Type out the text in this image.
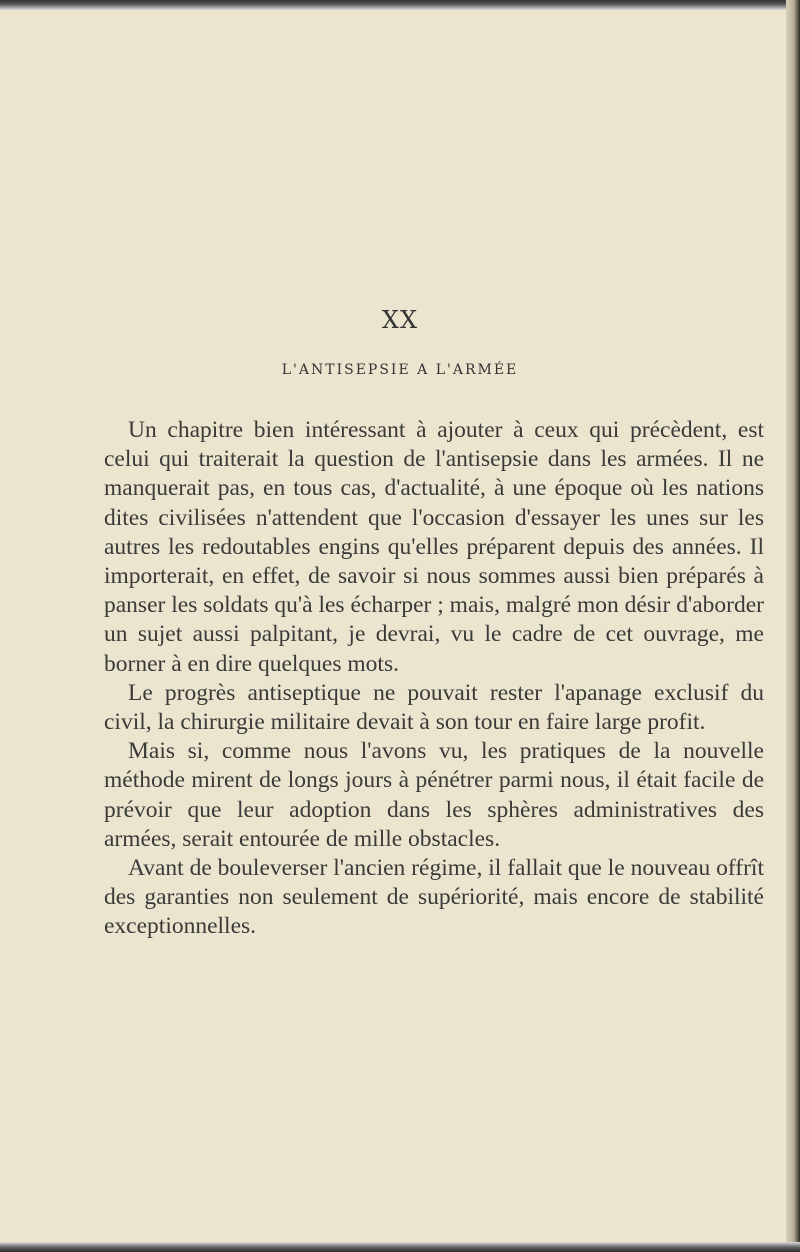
XX
L'ANTISEPSIE A L'ARMÉE

Un chapitre bien intéressant à ajouter à ceux qui précèdent, est celui qui traiterait la question de l'antisepsie dans les armées. Il ne manquerait pas, en tous cas, d'actualité, à une époque où les nations dites civilisées n'attendent que l'occasion d'essayer les unes sur les autres les redoutables engins qu'elles préparent depuis des années. Il importerait, en effet, de savoir si nous sommes aussi bien préparés à panser les soldats qu'à les écharper ; mais, malgré mon désir d'aborder un sujet aussi palpitant, je devrai, vu le cadre de cet ouvrage, me borner à en dire quelques mots.

Le progrès antiseptique ne pouvait rester l'apanage exclusif du civil, la chirurgie militaire devait à son tour en faire large profit.

Mais si, comme nous l'avons vu, les pratiques de la nouvelle méthode mirent de longs jours à pénétrer parmi nous, il était facile de prévoir que leur adoption dans les sphères administratives des armées, serait entourée de mille obstacles.

Avant de bouleverser l'ancien régime, il fallait que le nouveau offrît des garanties non seulement de supériorité, mais encore de stabilité exceptionnelles.
